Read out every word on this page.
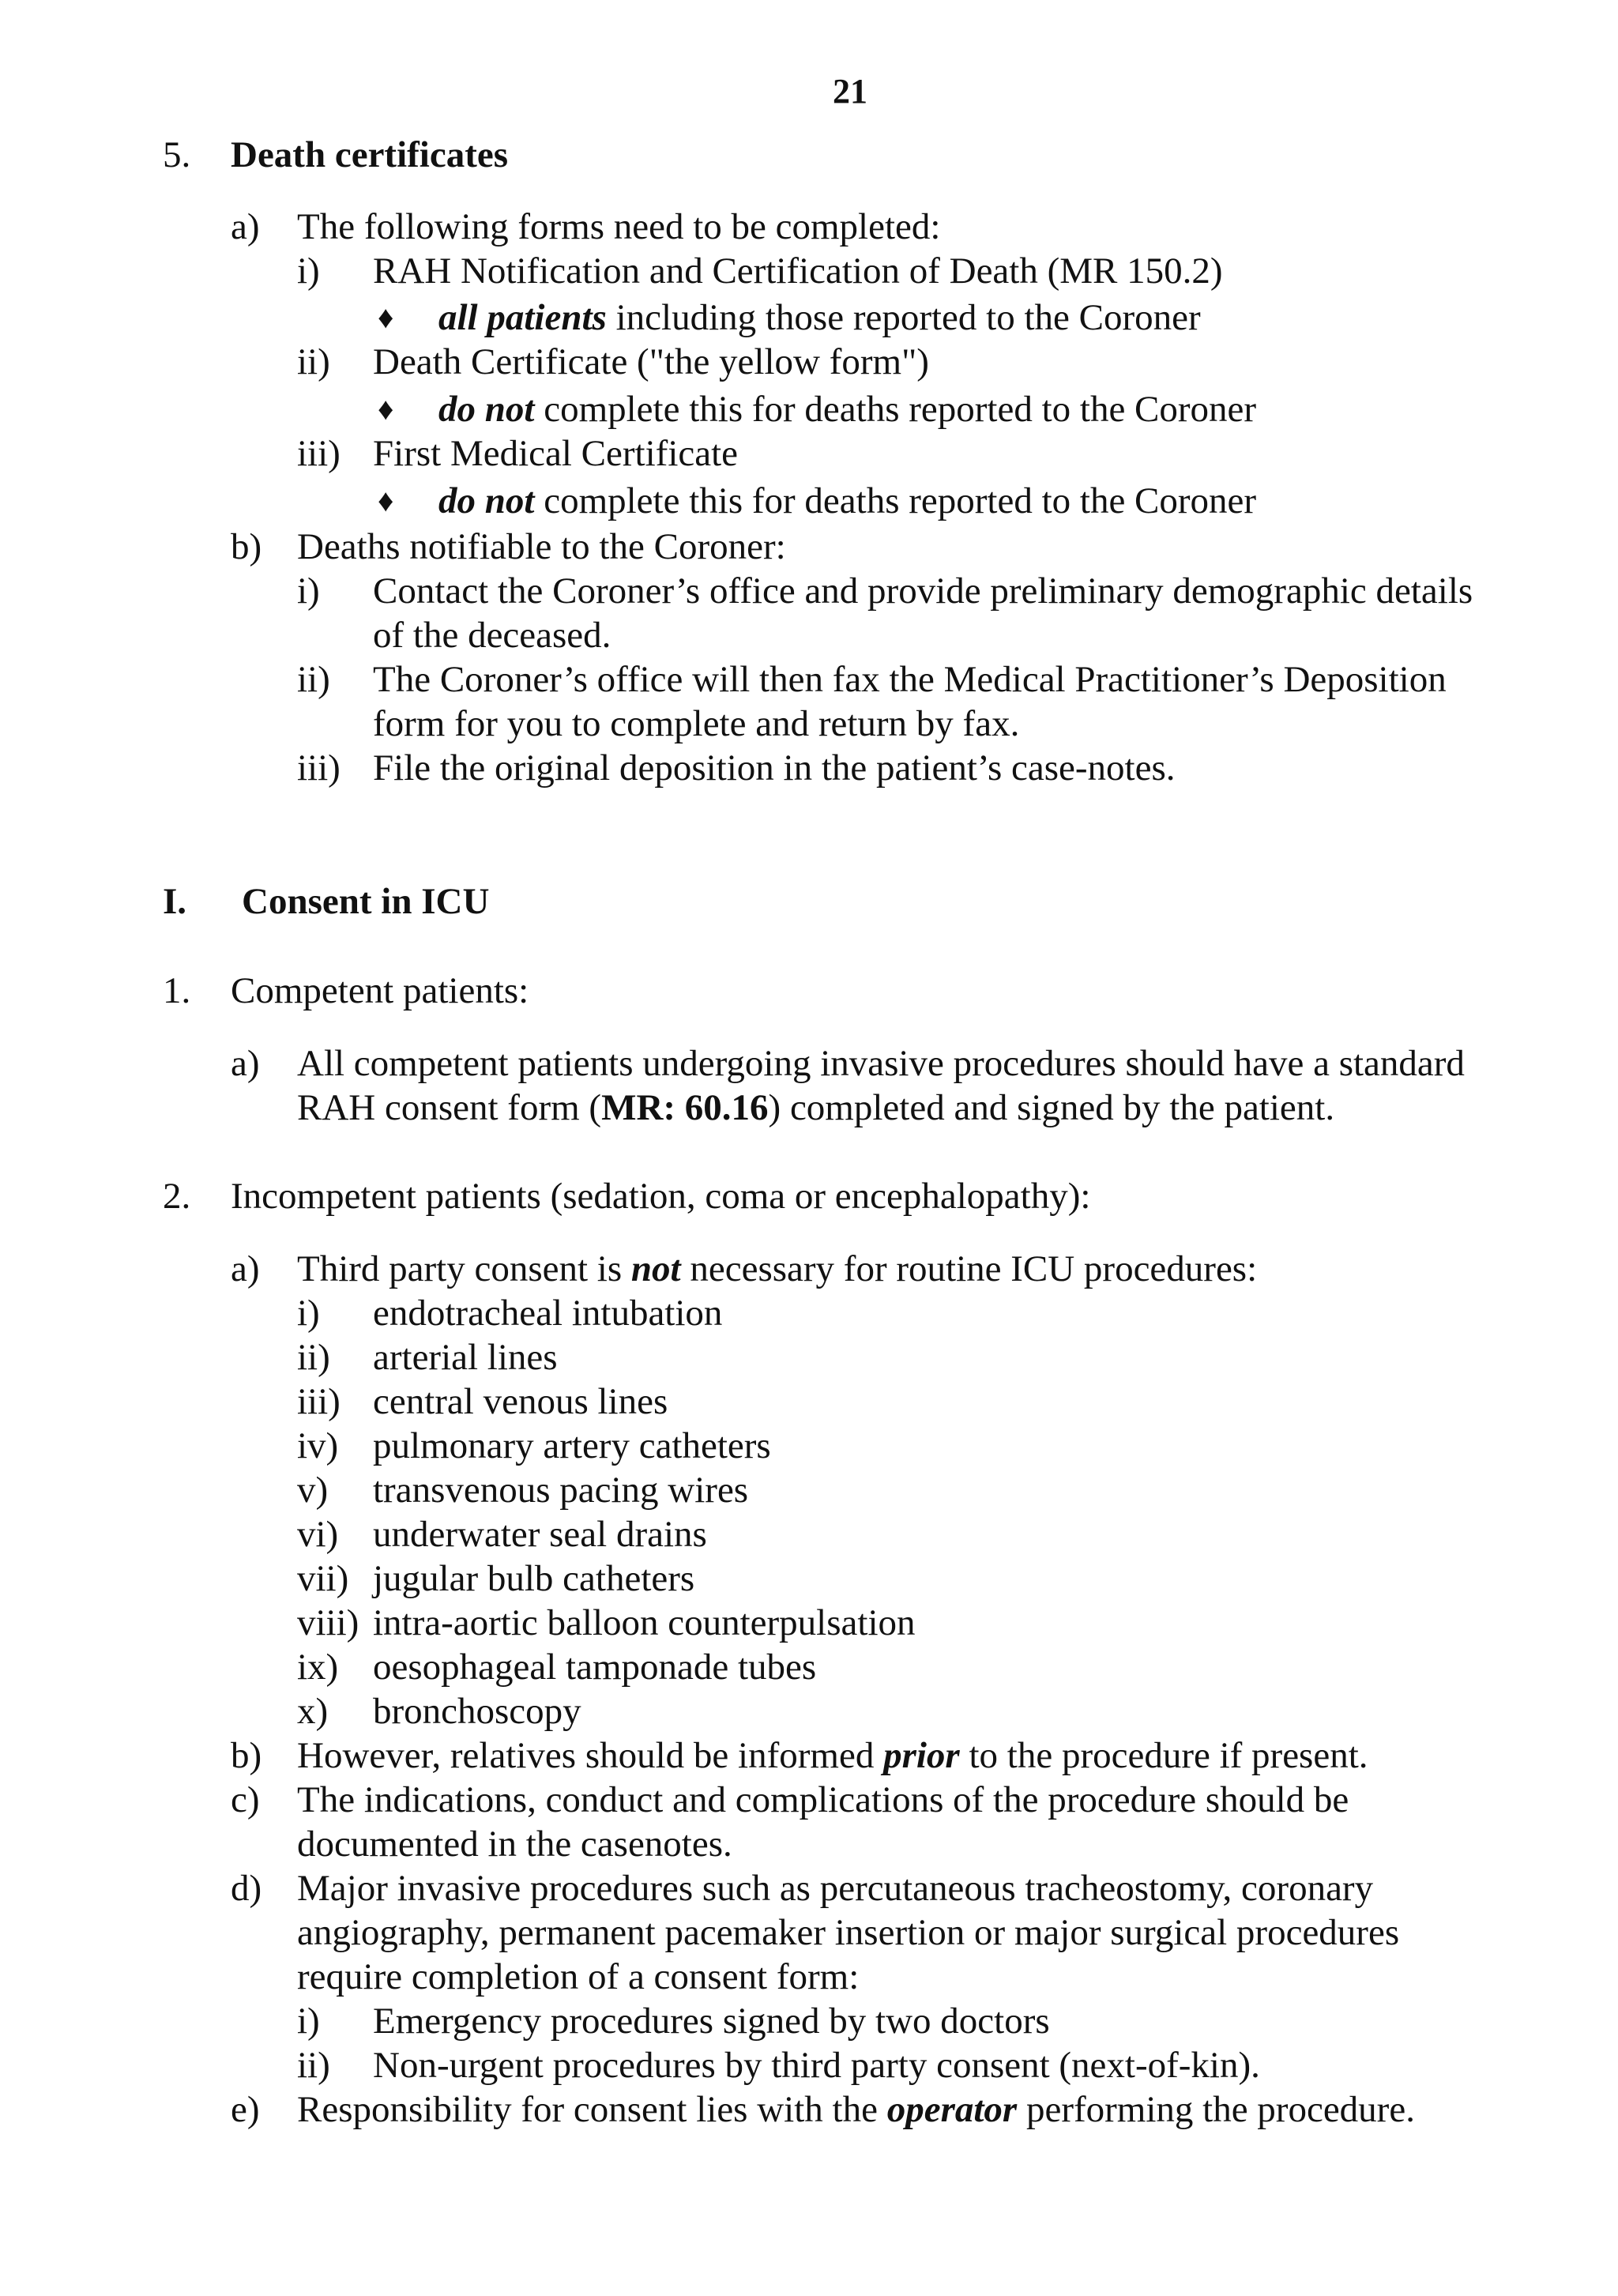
21
5. Death certificates
a) The following forms need to be completed:
i) RAH Notification and Certification of Death (MR 150.2)
♦ all patients including those reported to the Coroner
ii) Death Certificate ("the yellow form")
♦ do not complete this for deaths reported to the Coroner
iii) First Medical Certificate
♦ do not complete this for deaths reported to the Coroner
b) Deaths notifiable to the Coroner:
i) Contact the Coroner’s office and provide preliminary demographic details
of the deceased.
ii) The Coroner’s office will then fax the Medical Practitioner’s Deposition
form for you to complete and return by fax.
iii) File the original deposition in the patient’s case-notes.
I. Consent in ICU
1. Competent patients:
a) All competent patients undergoing invasive procedures should have a standard
RAH consent form (MR: 60.16) completed and signed by the patient.
2. Incompetent patients (sedation, coma or encephalopathy):
a) Third party consent is not necessary for routine ICU procedures:
i) endotracheal intubation
ii) arterial lines
iii) central venous lines
iv) pulmonary artery catheters
v) transvenous pacing wires
vi) underwater seal drains
vii) jugular bulb catheters
viii) intra-aortic balloon counterpulsation
ix) oesophageal tamponade tubes
x) bronchoscopy
b) However, relatives should be informed prior to the procedure if present.
c) The indications, conduct and complications of the procedure should be
documented in the casenotes.
d) Major invasive procedures such as percutaneous tracheostomy, coronary
angiography, permanent pacemaker insertion or major surgical procedures
require completion of a consent form:
i) Emergency procedures signed by two doctors
ii) Non-urgent procedures by third party consent (next-of-kin).
e) Responsibility for consent lies with the operator performing the procedure.
